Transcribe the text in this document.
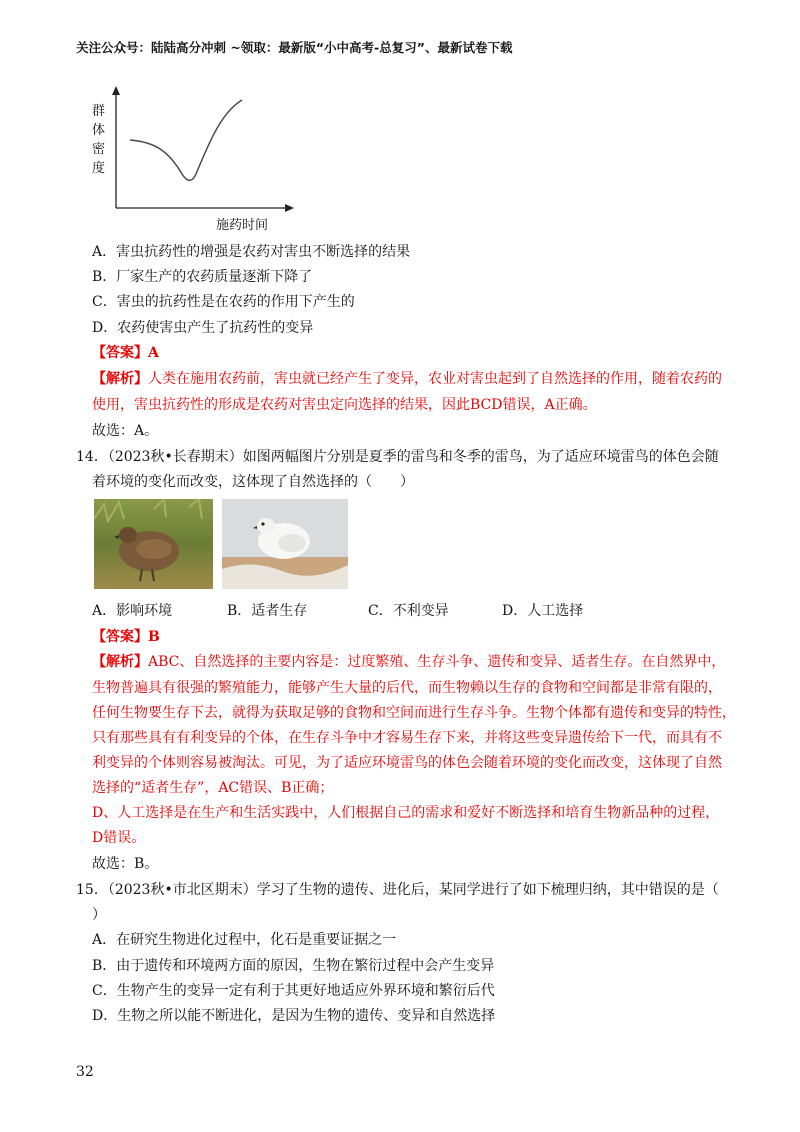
关注公众号：陆陆高分冲刺 ~领取：最新版“小中高考-总复习”、最新试卷下载
群
体
密
度
施药时间
A．害虫抗药性的增强是农药对害虫不断选择的结果
B．厂家生产的农药质量逐渐下降了
C．害虫的抗药性是在农药的作用下产生的
D．农药使害虫产生了抗药性的变异
【答案】A
【解析】人类在施用农药前，害虫就已经产生了变异，农业对害虫起到了自然选择的作用，随着农药的
使用，害虫抗药性的形成是农药对害虫定向选择的结果，因此BCD错误，A正确。
故选：A。
14．（2023秋•长春期末）如图两幅图片分别是夏季的雷鸟和冬季的雷鸟，为了适应环境雷鸟的体色会随
着环境的变化而改变，这体现了自然选择的（　　）
A．影响环境	B．适者生存	C．不利变异	D．人工选择
【答案】B
【解析】ABC、自然选择的主要内容是：过度繁殖、生存斗争、遗传和变异、适者生存。在自然界中，
生物普遍具有很强的繁殖能力，能够产生大量的后代，而生物赖以生存的食物和空间都是非常有限的，
任何生物要生存下去，就得为获取足够的食物和空间而进行生存斗争。生物个体都有遗传和变异的特性，
只有那些具有有利变异的个体，在生存斗争中才容易生存下来，并将这些变异遗传给下一代，而具有不
利变异的个体则容易被淘汰。可见，为了适应环境雷鸟的体色会随着环境的变化而改变，这体现了自然
选择的“适者生存”，AC错误、B正确；
D、人工选择是在生产和生活实践中，人们根据自己的需求和爱好不断选择和培育生物新品种的过程，
D错误。
故选：B。
15．（2023秋•市北区期末）学习了生物的遗传、进化后，某同学进行了如下梳理归纳，其中错误的是（
）
A．在研究生物进化过程中，化石是重要证据之一
B．由于遗传和环境两方面的原因，生物在繁衍过程中会产生变异
C．生物产生的变异一定有利于其更好地适应外界环境和繁衍后代
D．生物之所以能不断进化，是因为生物的遗传、变异和自然选择
32
